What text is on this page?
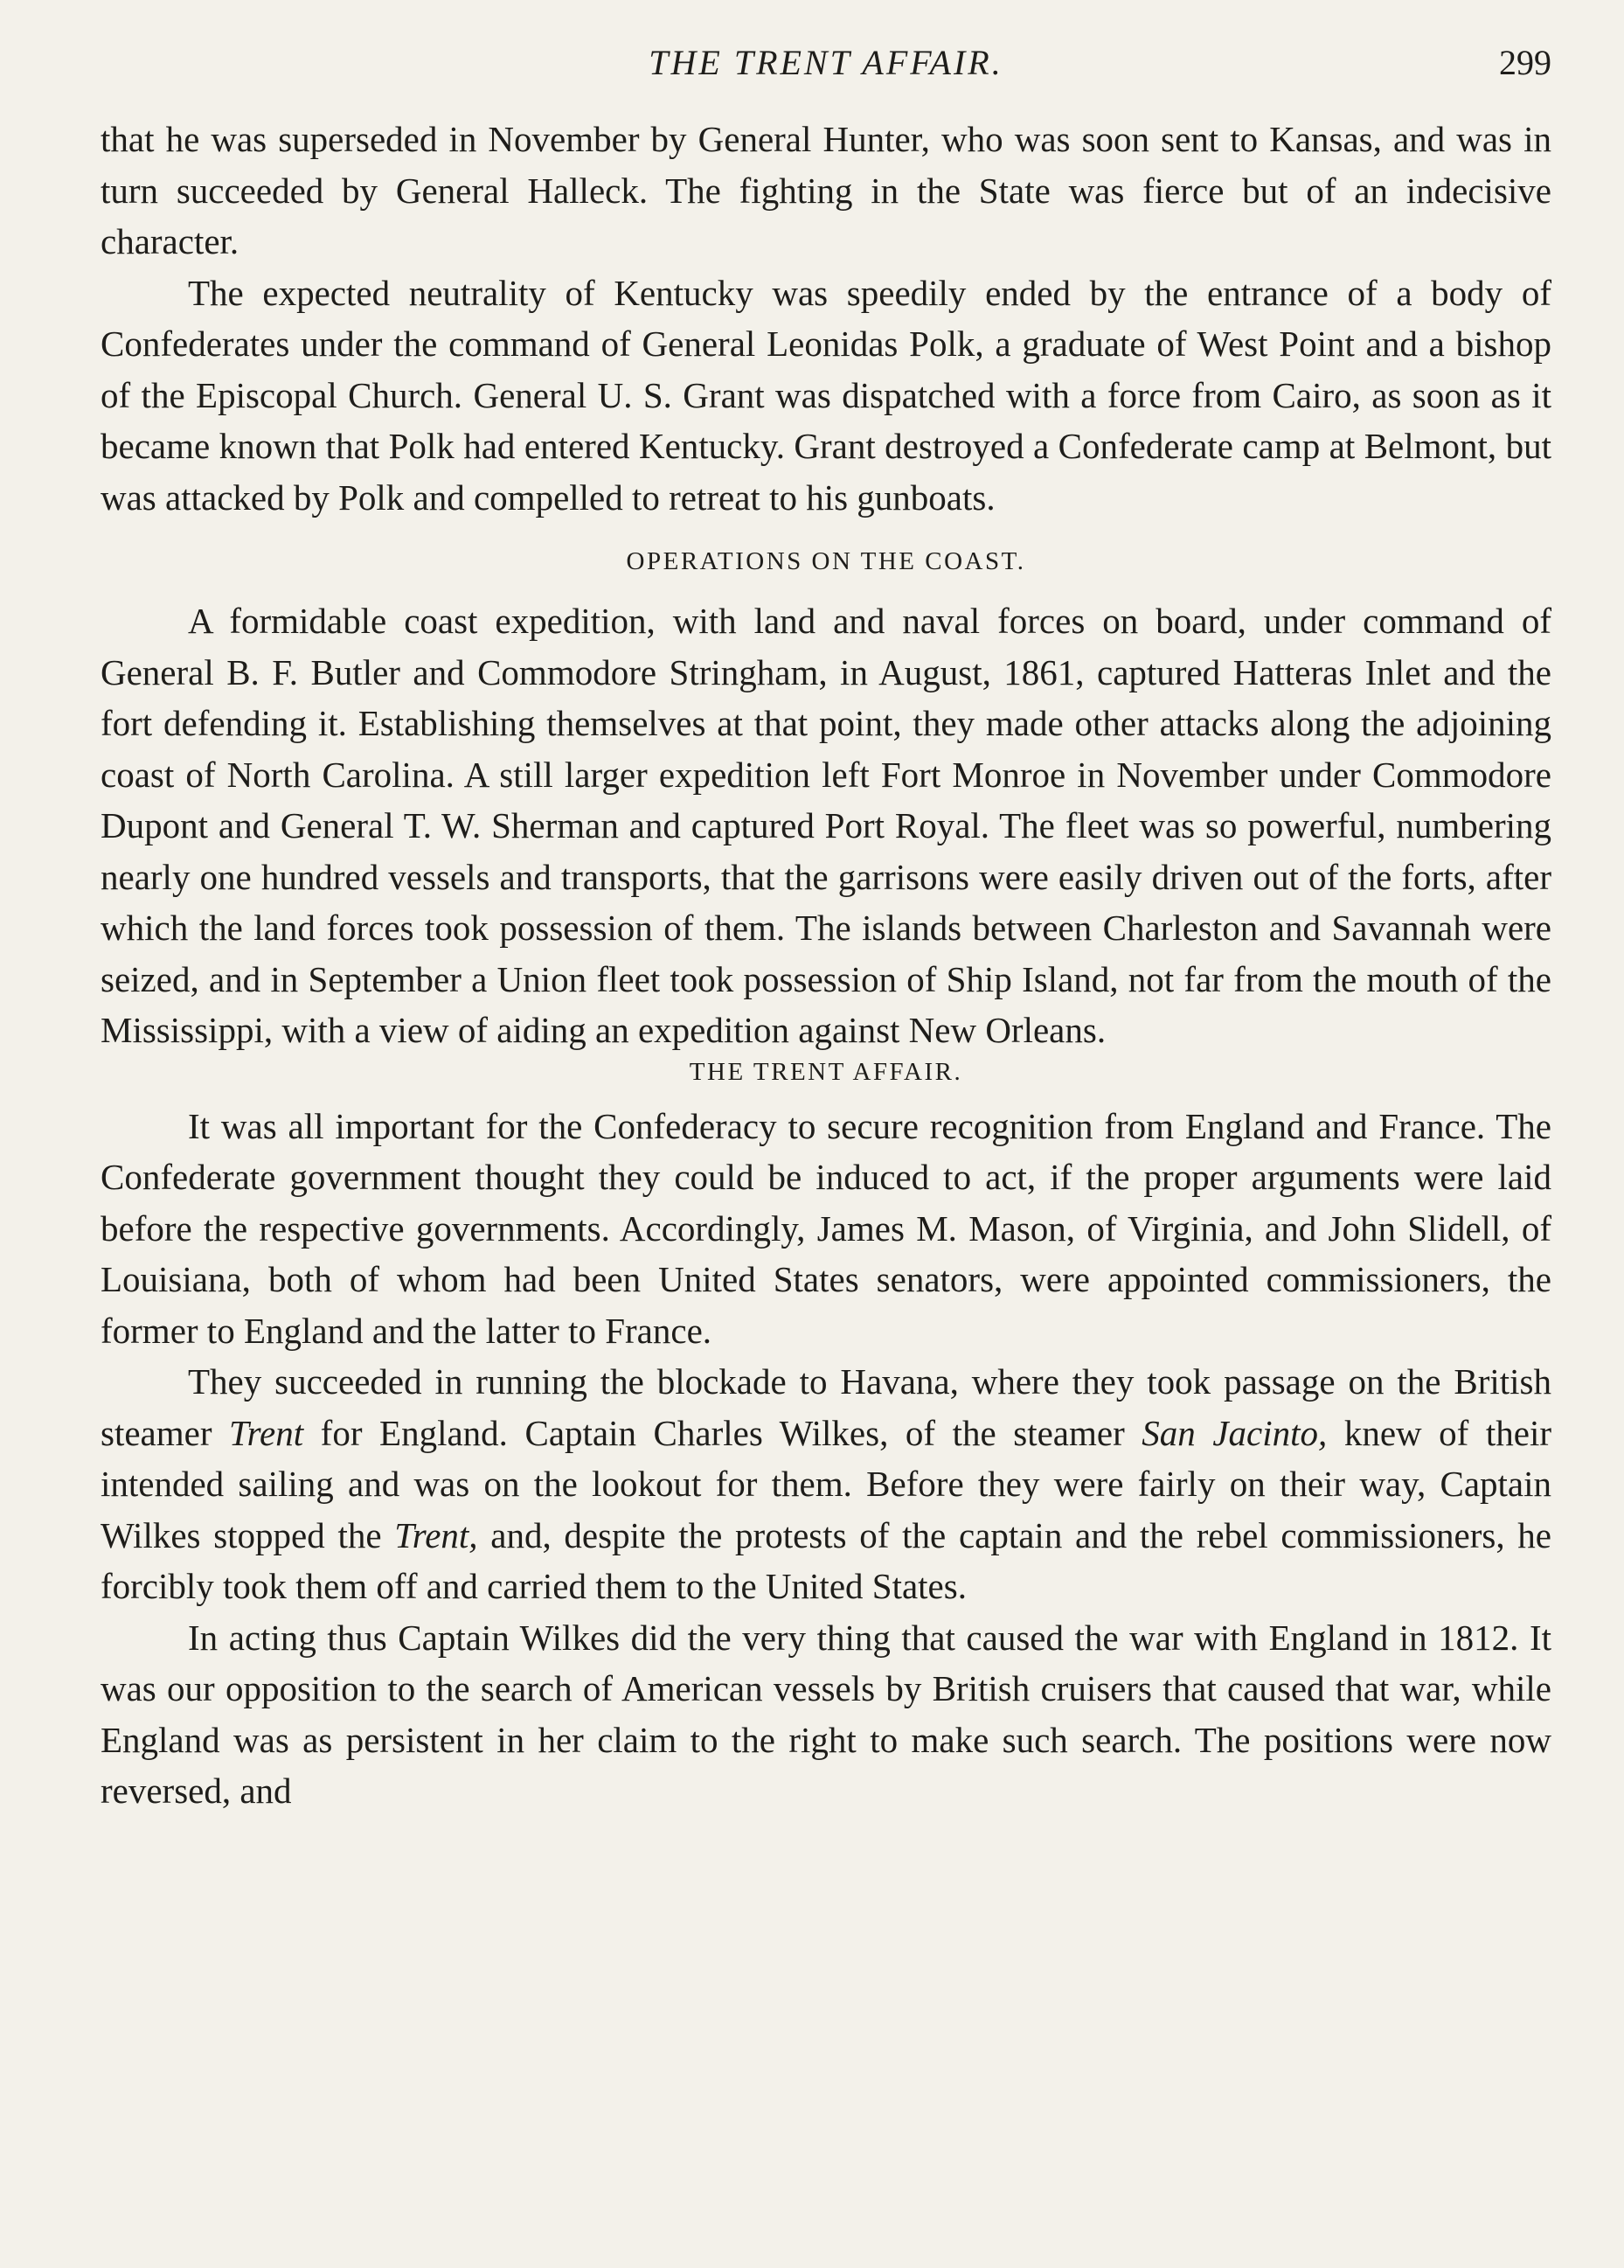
THE TRENT AFFAIR.	299

that he was superseded in November by General Hunter, who was soon sent to Kansas, and was in turn succeeded by General Halleck. The fighting in the State was fierce but of an indecisive character.

The expected neutrality of Kentucky was speedily ended by the entrance of a body of Confederates under the command of General Leonidas Polk, a graduate of West Point and a bishop of the Episcopal Church. General U. S. Grant was dispatched with a force from Cairo, as soon as it became known that Polk had entered Kentucky. Grant destroyed a Confederate camp at Belmont, but was attacked by Polk and compelled to retreat to his gunboats.

OPERATIONS ON THE COAST.

A formidable coast expedition, with land and naval forces on board, under command of General B. F. Butler and Commodore Stringham, in August, 1861, captured Hatteras Inlet and the fort defending it. Establishing themselves at that point, they made other attacks along the adjoining coast of North Carolina. A still larger expedition left Fort Monroe in November under Commodore Dupont and General T. W. Sherman and captured Port Royal. The fleet was so powerful, numbering nearly one hundred vessels and transports, that the garrisons were easily driven out of the forts, after which the land forces took possession of them. The islands between Charleston and Savannah were seized, and in September a Union fleet took possession of Ship Island, not far from the mouth of the Mississippi, with a view of aiding an expedition against New Orleans.

THE TRENT AFFAIR.

It was all important for the Confederacy to secure recognition from England and France. The Confederate government thought they could be induced to act, if the proper arguments were laid before the respective governments. Accordingly, James M. Mason, of Virginia, and John Slidell, of Louisiana, both of whom had been United States senators, were appointed commissioners, the former to England and the latter to France.

They succeeded in running the blockade to Havana, where they took passage on the British steamer Trent for England. Captain Charles Wilkes, of the steamer San Jacinto, knew of their intended sailing and was on the lookout for them. Before they were fairly on their way, Captain Wilkes stopped the Trent, and, despite the protests of the captain and the rebel commissioners, he forcibly took them off and carried them to the United States.

In acting thus Captain Wilkes did the very thing that caused the war with England in 1812. It was our opposition to the search of American vessels by British cruisers that caused that war, while England was as persistent in her claim to the right to make such search. The positions were now reversed, and
